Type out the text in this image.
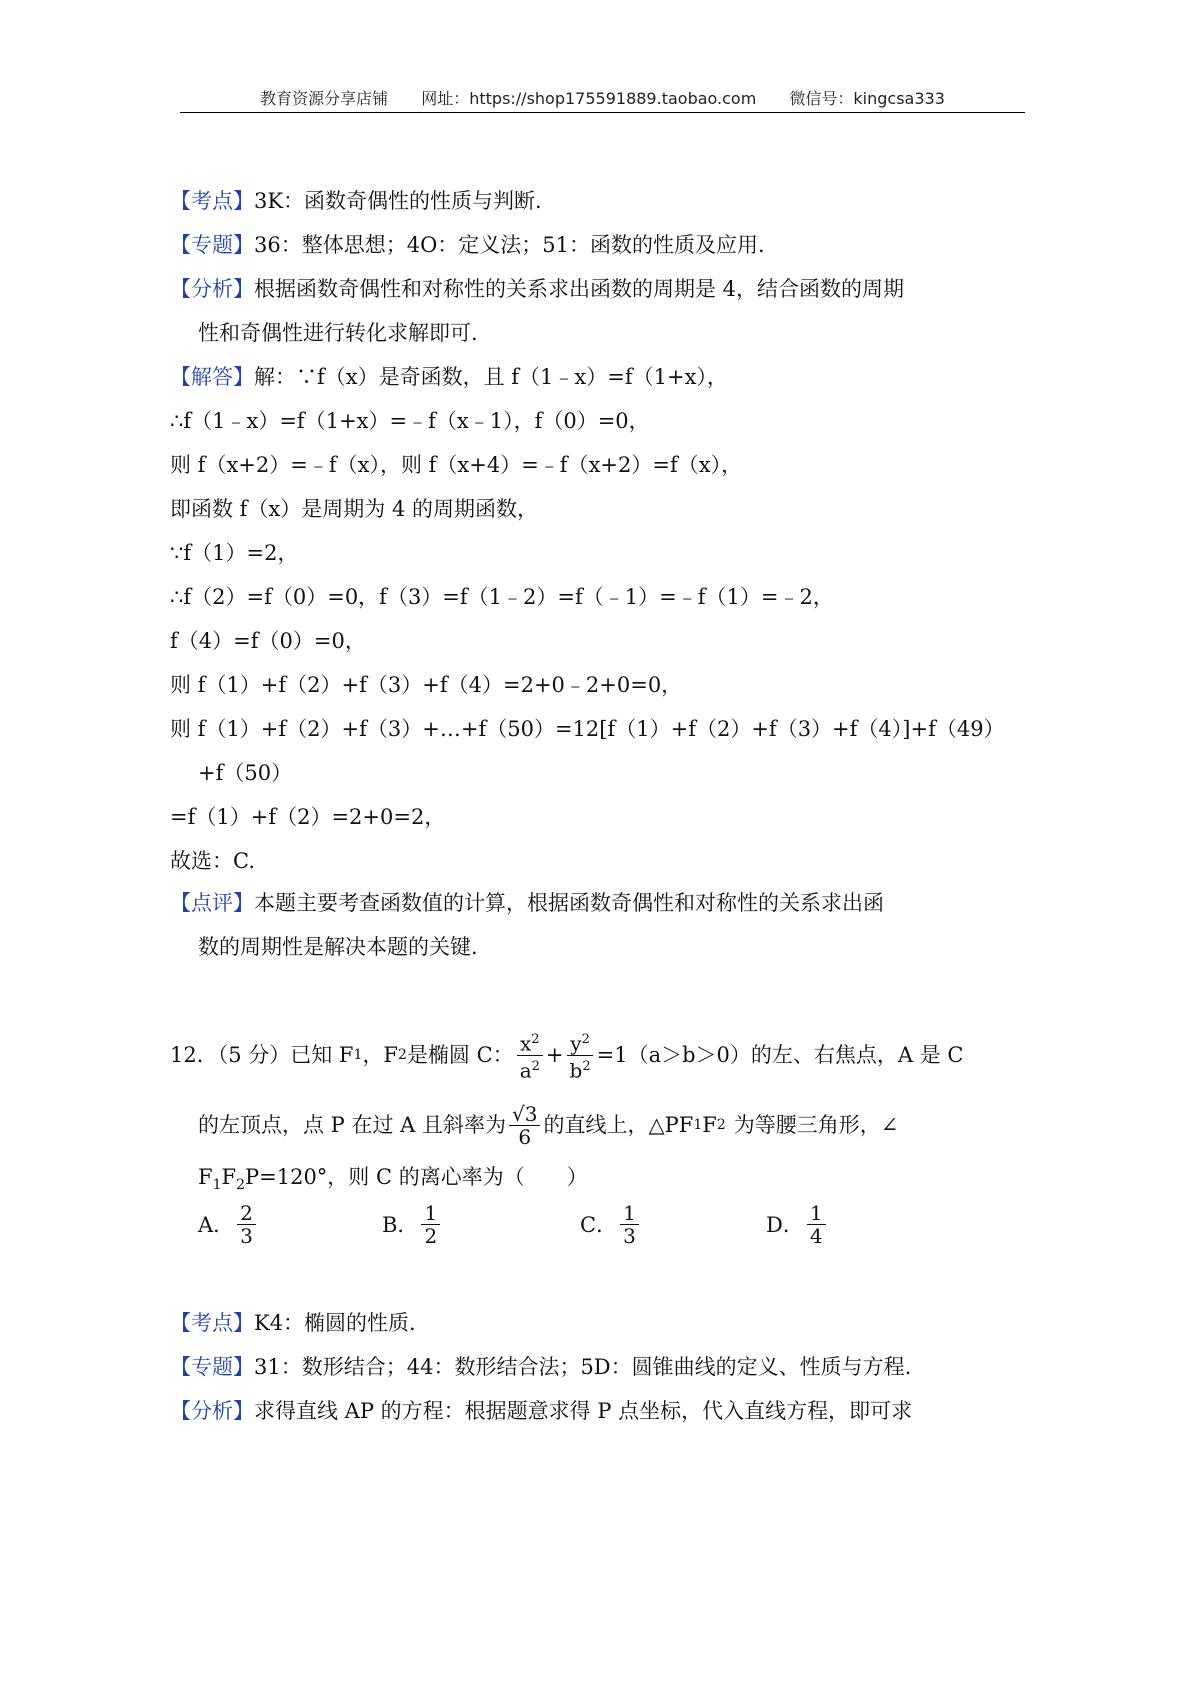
教育资源分享店铺 网址：https://shop175591889.taobao.com 微信号：kingcsa333
【考点】3K：函数奇偶性的性质与判断.
【专题】36：整体思想；4O：定义法；51：函数的性质及应用.
【分析】根据函数奇偶性和对称性的关系求出函数的周期是 4，结合函数的周期
性和奇偶性进行转化求解即可.
【解答】解：∵f（x）是奇函数，且 f（1﹣x）=f（1+x），
∴f（1﹣x）=f（1+x）=﹣f（x﹣1），f（0）=0，
则 f（x+2）=﹣f（x），则 f（x+4）=﹣f（x+2）=f（x），
即函数 f（x）是周期为 4 的周期函数，
∵f（1）=2，
∴f（2）=f（0）=0，f（3）=f（1﹣2）=f（﹣1）=﹣f（1）=﹣2，
f（4）=f（0）=0，
则 f（1）+f（2）+f（3）+f（4）=2+0﹣2+0=0，
则 f（1）+f（2）+f（3）+…+f（50）=12[f（1）+f（2）+f（3）+f（4）]+f（49）
+f（50）
=f（1）+f（2）=2+0=2，
故选：C.
【点评】本题主要考查函数值的计算，根据函数奇偶性和对称性的关系求出函
数的周期性是解决本题的关键.
12．（5 分）已知 F 1 ，F 2 是椭圆 C： $\frac{x^2}{a^2} + \frac{y^2}{b^2} =1(a>b>0)$的左、右焦点，A 是 C
的左顶点，点 P 在过 A 且斜率为 $\frac{√3}{6}$ 的直线上，△PF 1 F 2 为等腰三角形，∠
$F_1F_2P=120^\circ$，则 C 的离心率为（　　）
A． $\frac{2}{3}$	B． $\frac{1}{2}$	C． $\frac{1}{3}$	D． $\frac{1}{4}$
【考点】K4：椭圆的性质.
【专题】31：数形结合；44：数形结合法；5D：圆锥曲线的定义、性质与方程.
【分析】求得直线 AP 的方程：根据题意求得 P 点坐标，代入直线方程，即可求
